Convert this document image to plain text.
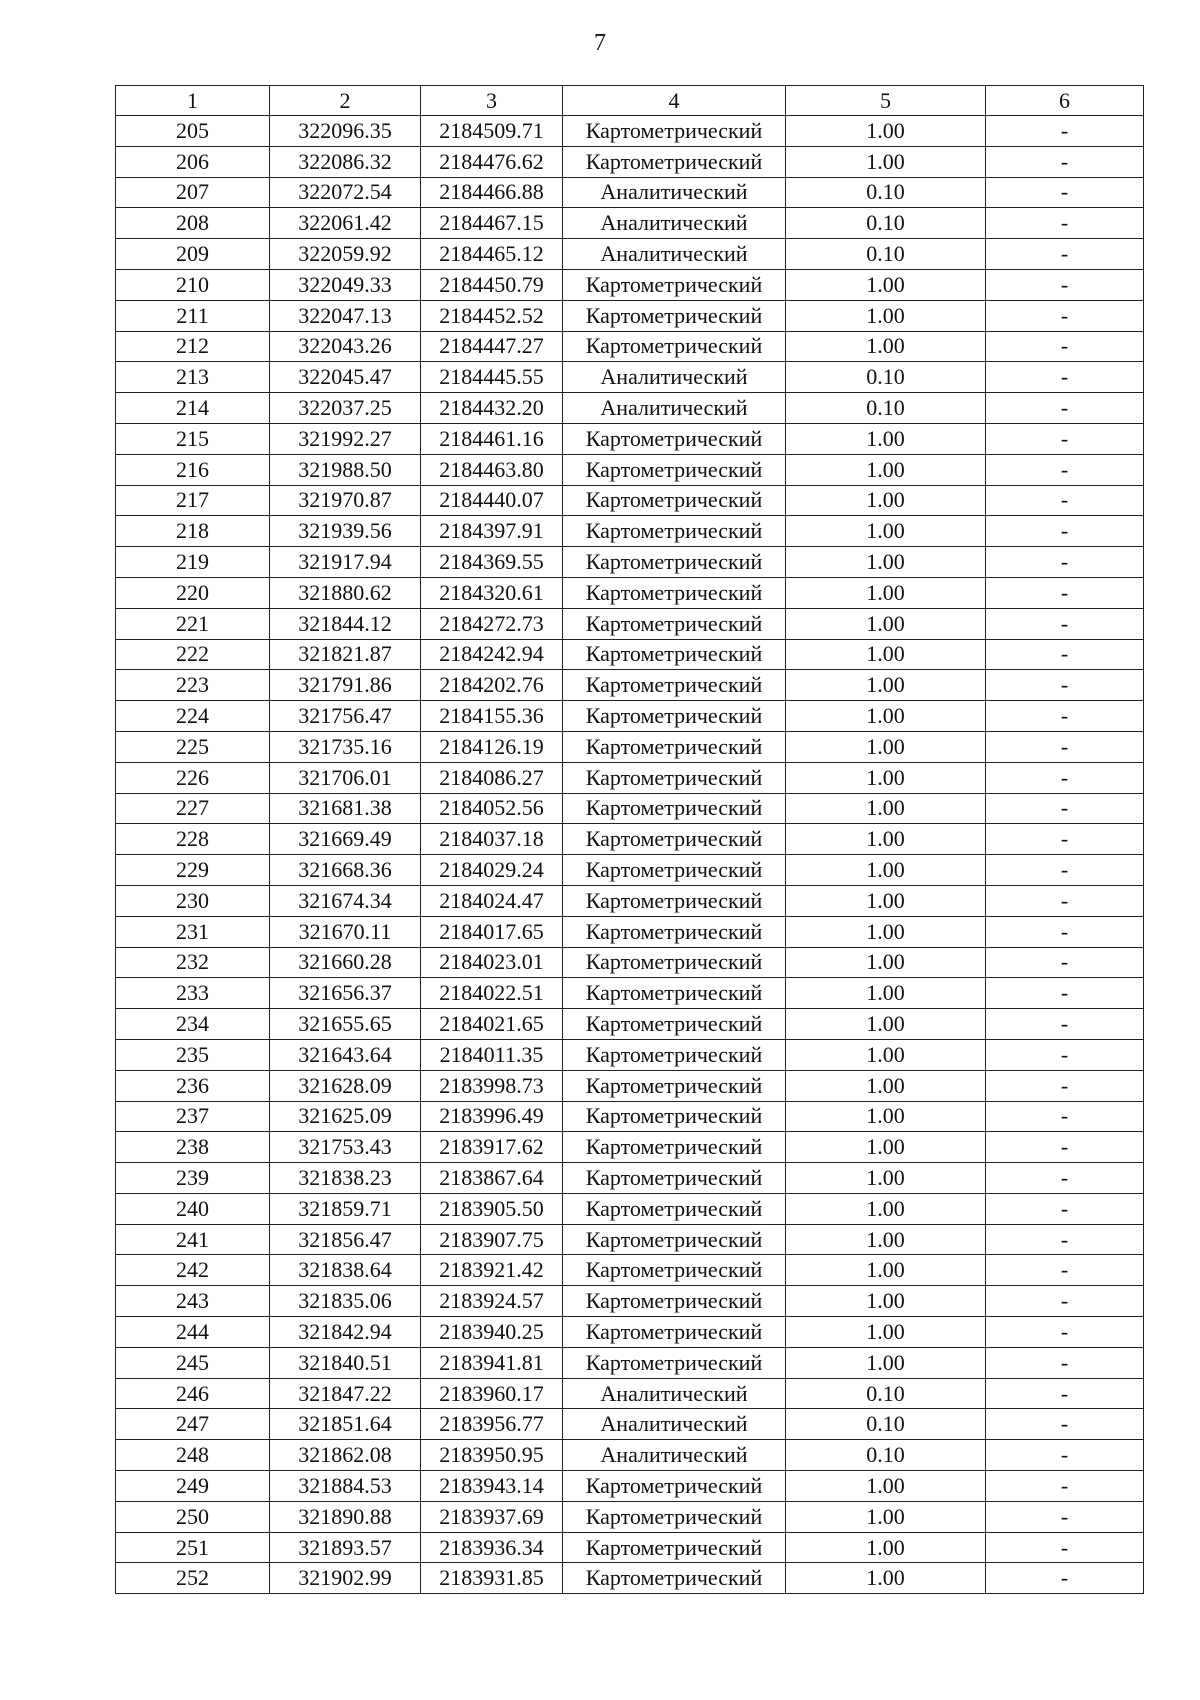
7
1	2	3	4	5	6
205	322096.35	2184509.71	Картометрический	1.00	-
206	322086.32	2184476.62	Картометрический	1.00	-
207	322072.54	2184466.88	Аналитический	0.10	-
208	322061.42	2184467.15	Аналитический	0.10	-
209	322059.92	2184465.12	Аналитический	0.10	-
210	322049.33	2184450.79	Картометрический	1.00	-
211	322047.13	2184452.52	Картометрический	1.00	-
212	322043.26	2184447.27	Картометрический	1.00	-
213	322045.47	2184445.55	Аналитический	0.10	-
214	322037.25	2184432.20	Аналитический	0.10	-
215	321992.27	2184461.16	Картометрический	1.00	-
216	321988.50	2184463.80	Картометрический	1.00	-
217	321970.87	2184440.07	Картометрический	1.00	-
218	321939.56	2184397.91	Картометрический	1.00	-
219	321917.94	2184369.55	Картометрический	1.00	-
220	321880.62	2184320.61	Картометрический	1.00	-
221	321844.12	2184272.73	Картометрический	1.00	-
222	321821.87	2184242.94	Картометрический	1.00	-
223	321791.86	2184202.76	Картометрический	1.00	-
224	321756.47	2184155.36	Картометрический	1.00	-
225	321735.16	2184126.19	Картометрический	1.00	-
226	321706.01	2184086.27	Картометрический	1.00	-
227	321681.38	2184052.56	Картометрический	1.00	-
228	321669.49	2184037.18	Картометрический	1.00	-
229	321668.36	2184029.24	Картометрический	1.00	-
230	321674.34	2184024.47	Картометрический	1.00	-
231	321670.11	2184017.65	Картометрический	1.00	-
232	321660.28	2184023.01	Картометрический	1.00	-
233	321656.37	2184022.51	Картометрический	1.00	-
234	321655.65	2184021.65	Картометрический	1.00	-
235	321643.64	2184011.35	Картометрический	1.00	-
236	321628.09	2183998.73	Картометрический	1.00	-
237	321625.09	2183996.49	Картометрический	1.00	-
238	321753.43	2183917.62	Картометрический	1.00	-
239	321838.23	2183867.64	Картометрический	1.00	-
240	321859.71	2183905.50	Картометрический	1.00	-
241	321856.47	2183907.75	Картометрический	1.00	-
242	321838.64	2183921.42	Картометрический	1.00	-
243	321835.06	2183924.57	Картометрический	1.00	-
244	321842.94	2183940.25	Картометрический	1.00	-
245	321840.51	2183941.81	Картометрический	1.00	-
246	321847.22	2183960.17	Аналитический	0.10	-
247	321851.64	2183956.77	Аналитический	0.10	-
248	321862.08	2183950.95	Аналитический	0.10	-
249	321884.53	2183943.14	Картометрический	1.00	-
250	321890.88	2183937.69	Картометрический	1.00	-
251	321893.57	2183936.34	Картометрический	1.00	-
252	321902.99	2183931.85	Картометрический	1.00	-
